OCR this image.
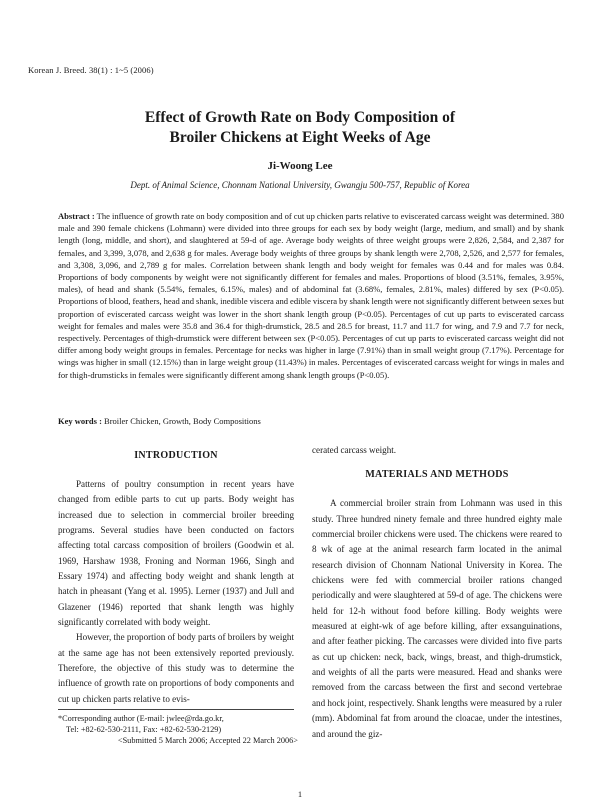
Korean J. Breed. 38(1) : 1~5 (2006)
Effect of Growth Rate on Body Composition of
Broiler Chickens at Eight Weeks of Age
Ji-Woong Lee
Dept. of Animal Science, Chonnam National University, Gwangju 500-757, Republic of Korea
Abstract : The influence of growth rate on body composition and of cut up chicken parts relative to eviscerated carcass weight was determined. 380 male and 390 female chickens (Lohmann) were divided into three groups for each sex by body weight (large, medium, and small) and by shank length (long, middle, and short), and slaughtered at 59-d of age. Average body weights of three weight groups were 2,826, 2,584, and 2,387 for females, and 3,399, 3,078, and 2,638 g for males. Average body weights of three groups by shank length were 2,708, 2,526, and 2,577 for females, and 3,308, 3,096, and 2,789 g for males. Correlation between shank length and body weight for females was 0.44 and for males was 0.84. Proportions of body components by weight were not significantly different for females and males. Proportions of blood (3.51%, females, 3.95%, males), of head and shank (5.54%, females, 6.15%, males) and of abdominal fat (3.68%, females, 2.81%, males) differed by sex (P<0.05). Proportions of blood, feathers, head and shank, inedible viscera and edible viscera by shank length were not significantly different between sexes but proportion of eviscerated carcass weight was lower in the short shank length group (P<0.05). Percentages of cut up parts to eviscerated carcass weight for females and males were 35.8 and 36.4 for thigh-drumstick, 28.5 and 28.5 for breast, 11.7 and 11.7 for wing, and 7.9 and 7.7 for neck, respectively. Percentages of thigh-drumstick were different between sex (P<0.05). Percentages of cut up parts to eviscerated carcass weight did not differ among body weight groups in females. Percentage for necks was higher in large (7.91%) than in small weight group (7.17%). Percentage for wings was higher in small (12.15%) than in large weight group (11.43%) in males. Percentages of eviscerated carcass weight for wings in males and for thigh-drumsticks in females were significantly different among shank length groups (P<0.05).
Key words : Broiler Chicken, Growth, Body Compositions
INTRODUCTION

Patterns of poultry consumption in recent years have changed from edible parts to cut up parts. Body weight has increased due to selection in commercial broiler breeding programs. Several studies have been conducted on factors affecting total carcass composition of broilers (Goodwin et al. 1969, Harshaw 1938, Froning and Norman 1966, Singh and Essary 1974) and affecting body weight and shank length at hatch in pheasant (Yang et al. 1995). Lerner (1937) and Jull and Glazener (1946) reported that shank length was highly significantly correlated with body weight.

However, the proportion of body parts of broilers by weight at the same age has not been extensively reported previously. Therefore, the objective of this study was to determine the influence of growth rate on proportions of body components and cut up chicken parts relative to evis-

cerated carcass weight.

MATERIALS AND METHODS

A commercial broiler strain from Lohmann was used in this study. Three hundred ninety female and three hundred eighty male commercial broiler chickens were used. The chickens were reared to 8 wk of age at the animal research farm located in the animal research division of Chonnam National University in Korea. The chickens were fed with commercial broiler rations changed periodically and were slaughtered at 59-d of age. The chickens were held for 12-h without food before killing. Body weights were measured at eight-wk of age before killing, after exsanguinations, and after feather picking. The carcasses were divided into five parts as cut up chicken: neck, back, wings, breast, and thigh-drumstick, and weights of all the parts were measured. Head and shanks were removed from the carcass between the first and second vertebrae and hock joint, respectively. Shank lengths were measured by a ruler (mm). Abdominal fat from around the cloacae, under the intestines, and around the giz-

*Corresponding author (E-mail: jwlee@rda.go.kr,
Tel: +82-62-530-2111, Fax: +82-62-530-2129)
<Submitted 5 March 2006; Accepted 22 March 2006>
1
